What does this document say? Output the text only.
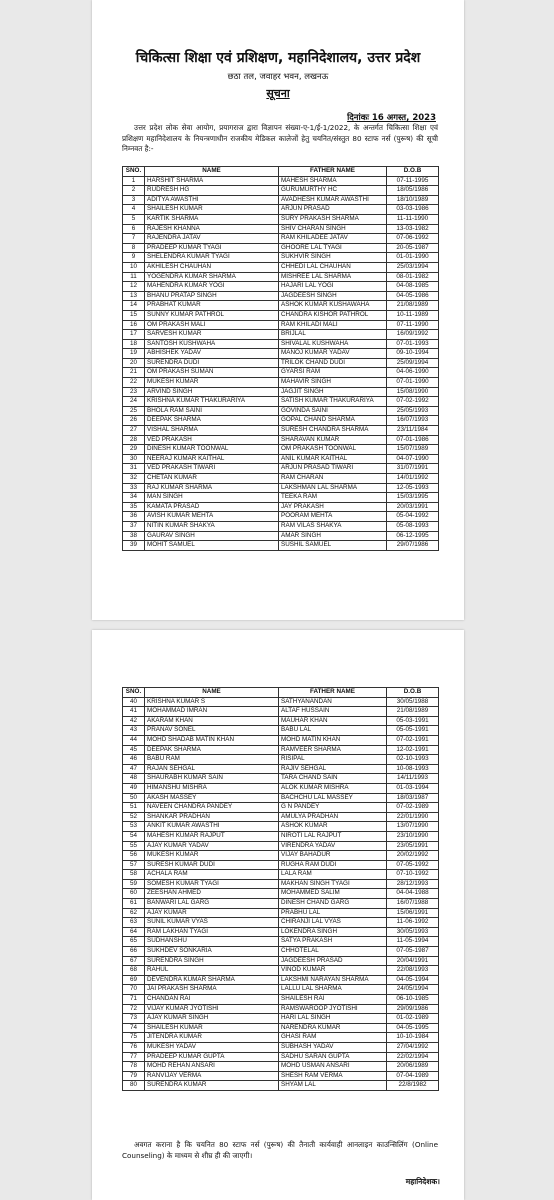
चिकित्सा शिक्षा एवं प्रशिक्षण, महानिदेशालय, उत्तर प्रदेश
छठा तल, जवाहर भवन, लखनऊ
सूचना
दिनांकः 16 अगस्त, 2023
उत्तर प्रदेश लोक सेवा आयोग, प्रयागराज द्वारा विज्ञापन संख्या-ए-1/ई-1/2022, के अन्तर्गत चिकित्सा शिक्षा एवं प्रशिक्षण महानिदेशालय के नियन्त्रणाधीन राजकीय मेडिकल कालेजों हेतु चयनित/संस्तुत 80 स्टाफ नर्स (पुरूष) की सूची निम्नवत है:-
SNO.	NAME	FATHER NAME	D.O.B
1	HARSHIT SHARMA	MAHESH SHARMA	07-11-1995
2	RUDRESH HG	GURUMURTHY HC	18/05/1986
3	ADITYA AWASTHI	AVADHESH KUMAR AWASTHI	18/10/1989
4	SHAILESH KUMAR	ARJUN PRASAD	03-03-1986
5	KARTIK SHARMA	SURY PRAKASH SHARMA	11-11-1990
6	RAJESH KHANNA	SHIV CHARAN SINGH	13-03-1982
7	RAJENDRA JATAV	RAM KHILADEE JATAV	07-06-1992
8	PRADEEP KUMAR TYAGI	GHOORE LAL TYAGI	20-05-1987
9	SHELENDRA KUMAR TYAGI	SUKHVIR SINGH	01-01-1990
10	AKHILESH CHAUHAN	CHHEDI LAL CHAUHAN	25/03/1994
11	YOGENDRA KUMAR SHARMA	MISHREE LAL SHARMA	08-01-1982
12	MAHENDRA KUMAR YOGI	HAJARI LAL YOGI	04-08-1985
13	BHANU PRATAP SINGH	JAGDEESH SINGH	04-05-1986
14	PRABHAT KUMAR	ASHOK KUMAR KUSHAWAHA	21/08/1989
15	SUNNY KUMAR PATHROL	CHANDRA KISHOR PATHROL	10-11-1989
16	OM PRAKASH MALI	RAM KHILADI MALI	07-11-1990
17	SARVESH KUMAR	BRIJLAL	16/09/1992
18	SANTOSH KUSHWAHA	SHIVALAL KUSHWAHA	07-01-1993
19	ABHISHEK YADAV	MANOJ KUMAR YADAV	09-10-1994
20	SURENDRA DUDI	TRILOK CHAND DUDI	25/09/1994
21	OM PRAKASH SUMAN	GYARSI RAM	04-06-1990
22	MUKESH KUMAR	MAHAVIR SINGH	07-01-1990
23	ARVIND SINGH	JAGJIT SINGH	15/08/1990
24	KRISHNA KUMAR THAKURARIYA	SATISH KUMAR THAKURARIYA	07-02-1992
25	BHOLA RAM SAINI	GOVINDA SAINI	25/05/1993
26	DEEPAK SHARMA	GOPAL CHAND SHARMA	16/07/1993
27	VISHAL SHARMA	SURESH CHANDRA SHARMA	23/11/1984
28	VED PRAKASH	SHARAVAN KUMAR	07-01-1986
29	DINESH KUMAR TOONWAL	OM PRAKASH TOONWAL	15/07/1989
30	NEERAJ KUMAR KAITHAL	ANIL KUMAR KAITHAL	04-07-1990
31	VED PRAKASH TIWARI	ARJUN PRASAD TIWARI	31/07/1991
32	CHETAN KUMAR	RAM CHARAN	14/01/1992
33	RAJ KUMAR SHARMA	LAKSHMAN LAL SHARMA	12-05-1993
34	MAN SINGH	TEEKA RAM	15/03/1995
35	KAMATA PRASAD	JAY PRAKASH	20/03/1991
36	AVISH KUMAR MEHTA	POORAM MEHTA	05-04-1992
37	NITIN KUMAR SHAKYA	RAM VILAS SHAKYA	05-08-1993
38	GAURAV SINGH	AMAR SINGH	06-12-1995
39	MOHIT SAMUEL	SUSHIL SAMUEL	29/07/1986
SNO.	NAME	FATHER NAME	D.O.B
40	KRISHNA KUMAR S	SATHYANANDAN	30/05/1988
41	MOHAMMAD IMRAN	ALTAF HUSSAIN	21/08/1989
42	AKARAM KHAN	MAUHAR KHAN	05-03-1991
43	PRANAV SONEL	BABU LAL	05-05-1991
44	MOHD SHADAB MATIN KHAN	MOHD MATIN KHAN	07-02-1991
45	DEEPAK SHARMA	RAMVEER SHARMA	12-02-1991
46	BABU RAM	RISIPAL	02-10-1993
47	RAJAN SEHGAL	RAJIV SEHGAL	10-08-1993
48	SHAURABH KUMAR SAIN	TARA CHAND SAIN	14/11/1993
49	HIMANSHU MISHRA	ALOK KUMAR MISHRA	01-03-1994
50	AKASH MASSEY	BACHCHU LAL MASSEY	18/03/1987
51	NAVEEN CHANDRA PANDEY	G N PANDEY	07-02-1989
52	SHANKAR PRADHAN	AMULYA PRADHAN	22/01/1990
53	ANKIT KUMAR AWASTHI	ASHOK KUMAR	13/07/1990
54	MAHESH KUMAR RAJPUT	NIROTI LAL RAJPUT	23/10/1990
55	AJAY KUMAR YADAV	VIRENDRA YADAV	23/05/1991
56	MUKESH KUMAR	VIJAY BAHADUR	20/02/1992
57	SURESH KUMAR DUDI	RUGHA RAM DUDI	07-05-1992
58	ACHALA RAM	LALA RAM	07-10-1992
59	SOMESH KUMAR TYAGI	MAKHAN SINGH TYAGI	28/12/1993
60	ZEESHAN AHMED	MOHAMMED SALIM	04-04-1988
61	BANWARI LAL GARG	DINESH CHAND GARG	16/07/1988
62	AJAY KUMAR	PRABHU LAL	15/06/1991
63	SUNIL KUMAR VYAS	CHIRANJI LAL VYAS	11-06-1992
64	RAM LAKHAN TYAGI	LOKENDRA SINGH	30/05/1993
65	SUDHANSHU	SATYA PRAKASH	11-05-1994
66	SUKHDEV SONKARIA	CHHOTELAL	07-05-1987
67	SURENDRA SINGH	JAGDEESH PRASAD	20/04/1991
68	RAHUL	VINOD KUMAR	22/08/1993
69	DEVENDRA KUMAR SHARMA	LAKSHMI NARAYAN SHARMA	04-05-1994
70	JAI PRAKASH SHARMA	LALLU LAL SHARMA	24/05/1994
71	CHANDAN RAI	SHAILESH RAI	06-10-1985
72	VIJAY KUMAR JYOTISHI	RAMSWAROOP JYOTISHI	29/09/1986
73	AJAY KUMAR SINGH	HARI LAL SINGH	01-02-1989
74	SHAILESH KUMAR	NARENDRA KUMAR	04-05-1995
75	JITENDRA KUMAR	GHASI RAM	10-10-1984
76	MUKESH YADAV	SUBHASH YADAV	27/04/1992
77	PRADEEP KUMAR GUPTA	SADHU SARAN GUPTA	22/02/1994
78	MOHD REHAN ANSARI	MOHD USMAN ANSARI	20/06/1989
79	RANVIJAY VERMA	SHESH RAM VERMA	07-04-1989
80	SURENDRA KUMAR	SHYAM LAL	22/8/1982
अवगत कराना है कि चयनित 80 स्टाफ नर्स (पुरूष) की तैनाती कार्यवाही आनलाइन काउन्सिलिंग (Online Counseling) के माध्यम से शीघ्र ही की जाएगी।
महानिदेशक।
